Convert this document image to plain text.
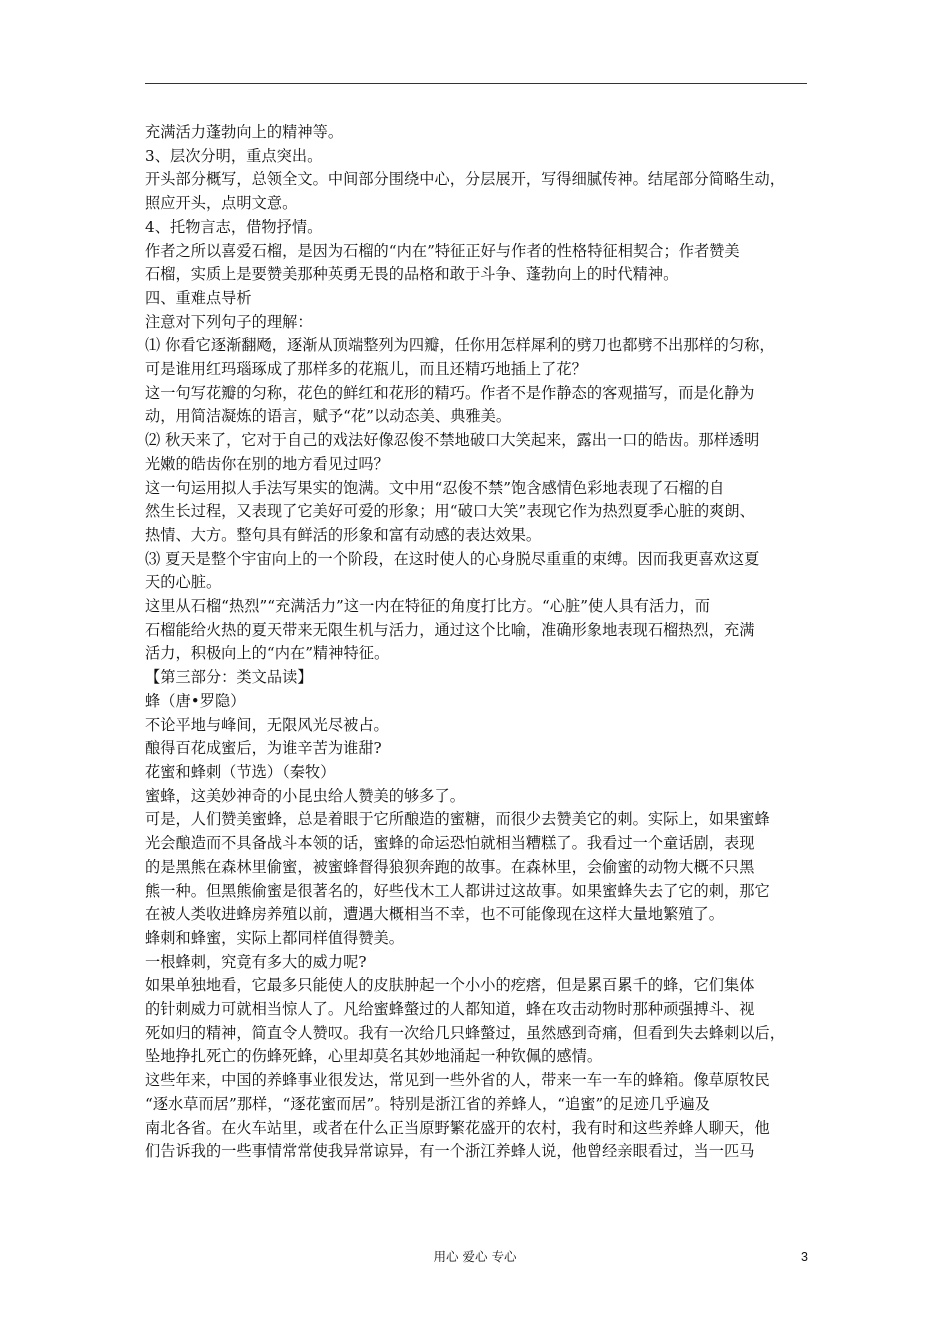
充满活力蓬勃向上的精神等。

3、层次分明，重点突出。

开头部分概写，总领全文。中间部分围绕中心，分层展开，写得细腻传神。结尾部分简略生动，

照应开头，点明文意。

4、托物言志，借物抒情。

作者之所以喜爱石榴，是因为石榴的“内在”特征正好与作者的性格特征相契合；作者赞美

石榴，实质上是要赞美那种英勇无畏的品格和敢于斗争、蓬勃向上的时代精神。

四、重难点导析

注意对下列句子的理解：

⑴ 你看它逐渐翻飏，逐渐从顶端整列为四瓣，任你用怎样犀利的劈刀也都劈不出那样的匀称，

可是谁用红玛瑙琢成了那样多的花瓶儿，而且还精巧地插上了花？

这一句写花瓣的匀称，花色的鲜红和花形的精巧。作者不是作静态的客观描写，而是化静为

动，用简洁凝炼的语言，赋予“花”以动态美、典雅美。

⑵ 秋天来了，它对于自己的戏法好像忍俊不禁地破口大笑起来，露出一口的皓齿。那样透明

光嫩的皓齿你在别的地方看见过吗？

这一句运用拟人手法写果实的饱满。文中用“忍俊不禁”饱含感情色彩地表现了石榴的自

然生长过程，又表现了它美好可爱的形象；用“破口大笑”表现它作为热烈夏季心脏的爽朗、

热情、大方。整句具有鲜活的形象和富有动感的表达效果。

⑶ 夏天是整个宇宙向上的一个阶段，在这时使人的心身脱尽重重的束缚。因而我更喜欢这夏

天的心脏。

这里从石榴“热烈”“充满活力”这一内在特征的角度打比方。“心脏”使人具有活力，而

石榴能给火热的夏天带来无限生机与活力，通过这个比喻，准确形象地表现石榴热烈，充满

活力，积极向上的“内在”精神特征。

【第三部分：类文品读】

蜂（唐•罗隐）

不论平地与峰间，无限风光尽被占。

酿得百花成蜜后，为谁辛苦为谁甜?

花蜜和蜂刺（节选）（秦牧）

蜜蜂，这美妙神奇的小昆虫给人赞美的够多了。

可是，人们赞美蜜蜂，总是着眼于它所酿造的蜜糖，而很少去赞美它的刺。实际上，如果蜜蜂

光会酿造而不具备战斗本领的话，蜜蜂的命运恐怕就相当糟糕了。我看过一个童话剧，表现

的是黑熊在森林里偷蜜，被蜜蜂督得狼狈奔跑的故事。在森林里，会偷蜜的动物大概不只黑

熊一种。但黑熊偷蜜是很著名的，好些伐木工人都讲过这故事。如果蜜蜂失去了它的刺，那它

在被人类收进蜂房养殖以前，遭遇大概相当不幸，也不可能像现在这样大量地繁殖了。

蜂刺和蜂蜜，实际上都同样值得赞美。

一根蜂刺，究竟有多大的威力呢?

如果单独地看，它最多只能使人的皮肤肿起一个小小的疙瘩，但是累百累千的蜂，它们集体

的针刺威力可就相当惊人了。凡给蜜蜂螫过的人都知道，蜂在攻击动物时那种顽强搏斗、视

死如归的精神，简直令人赞叹。我有一次给几只蜂螫过，虽然感到奇痛，但看到失去蜂刺以后，

坠地挣扎死亡的伤蜂死蜂，心里却莫名其妙地涌起一种钦佩的感情。

这些年来，中国的养蜂事业很发达，常见到一些外省的人，带来一车一车的蜂箱。像草原牧民

“逐水草而居”那样，“逐花蜜而居”。特别是浙江省的养蜂人，“追蜜”的足迹几乎遍及

南北各省。在火车站里，或者在什么正当原野繁花盛开的农村，我有时和这些养蜂人聊天，他

们告诉我的一些事情常常使我异常谅异，有一个浙江养蜂人说，他曾经亲眼看过，当一匹马

用心 爱心 专心	3
